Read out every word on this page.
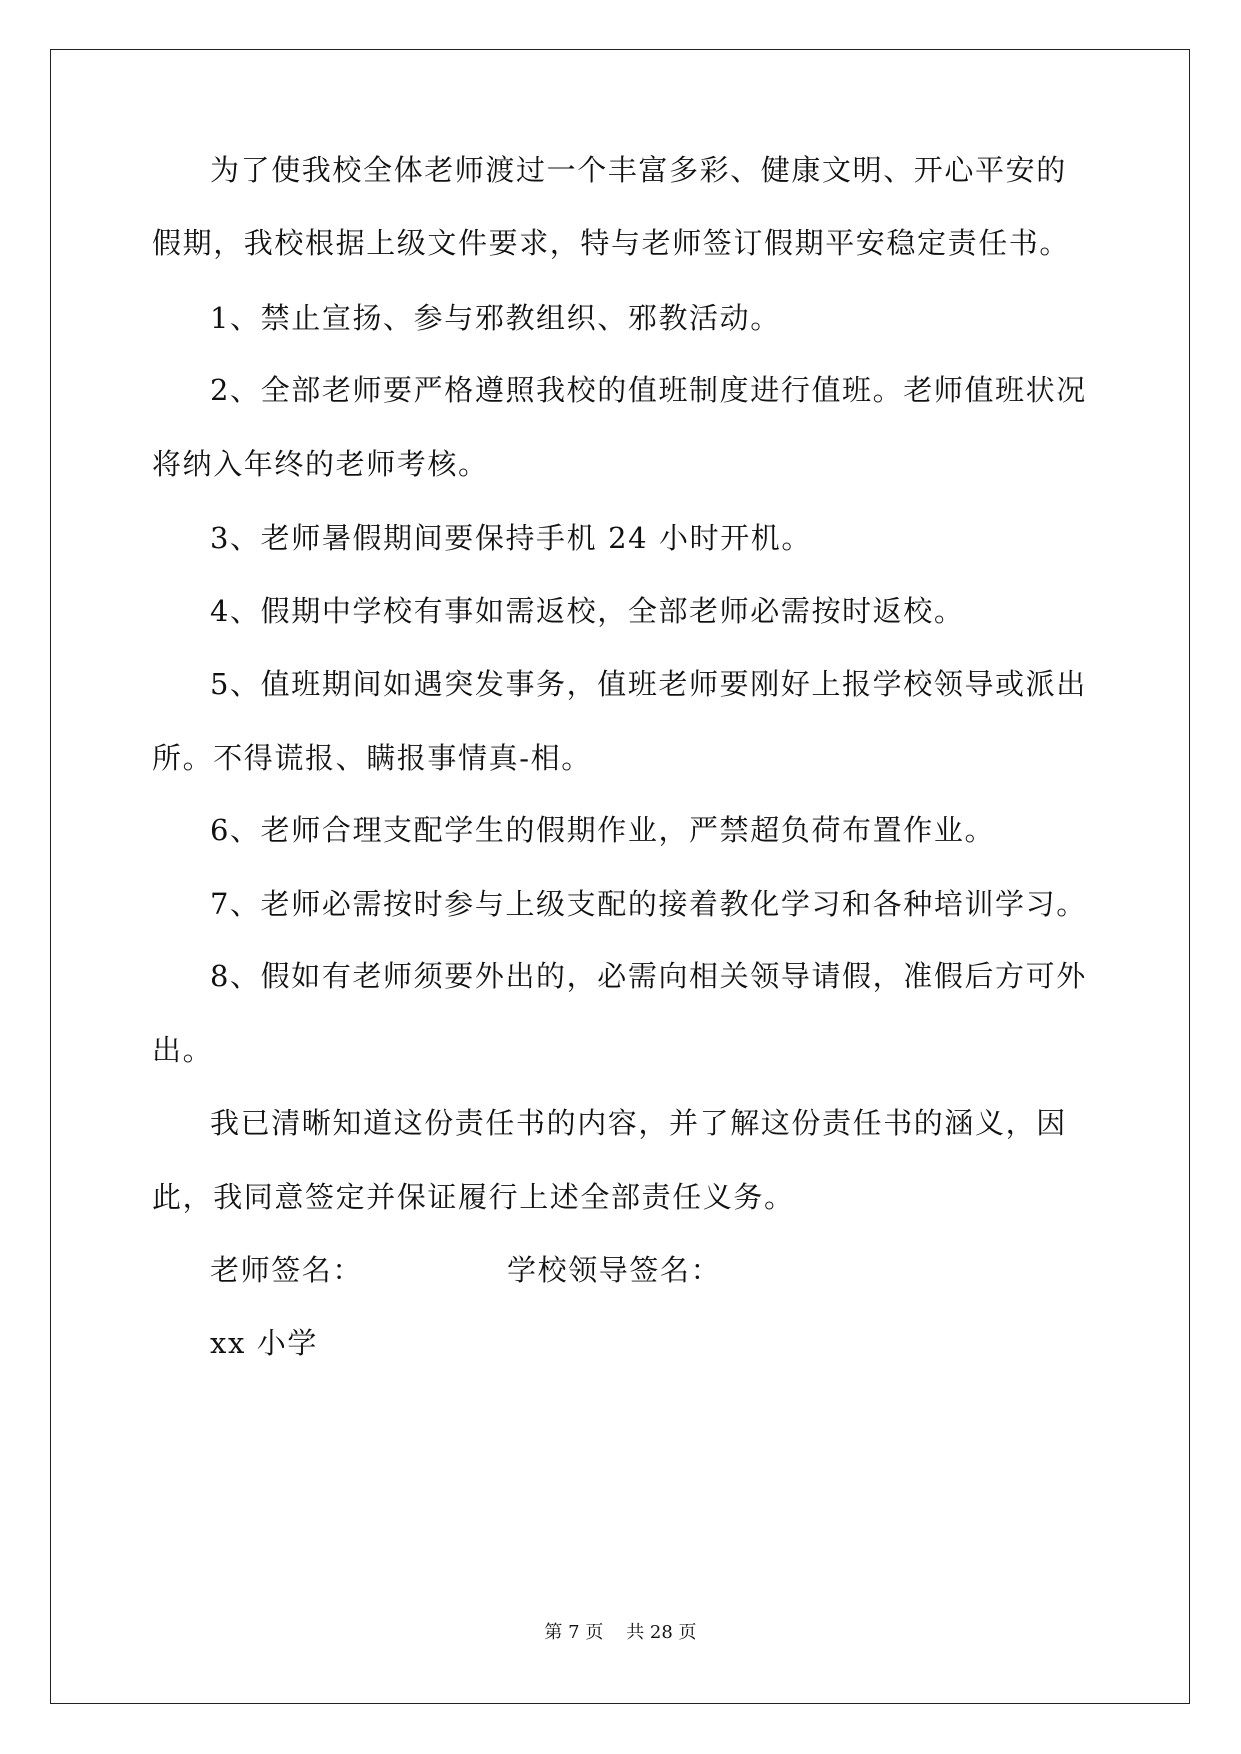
为了使我校全体老师渡过一个丰富多彩、健康文明、开心平安的
假期，我校根据上级文件要求，特与老师签订假期平安稳定责任书。
1、禁止宣扬、参与邪教组织、邪教活动。
2、全部老师要严格遵照我校的值班制度进行值班。老师值班状况
将纳入年终的老师考核。
3、老师暑假期间要保持手机 24 小时开机。
4、假期中学校有事如需返校，全部老师必需按时返校。
5、值班期间如遇突发事务，值班老师要刚好上报学校领导或派出
所。不得谎报、瞒报事情真-相。
6、老师合理支配学生的假期作业，严禁超负荷布置作业。
7、老师必需按时参与上级支配的接着教化学习和各种培训学习。
8、假如有老师须要外出的，必需向相关领导请假，准假后方可外
出。
我已清晰知道这份责任书的内容，并了解这份责任书的涵义，因
此，我同意签定并保证履行上述全部责任义务。
老师签名：	学校领导签名：
xx 小学
第 7 页    共 28 页
